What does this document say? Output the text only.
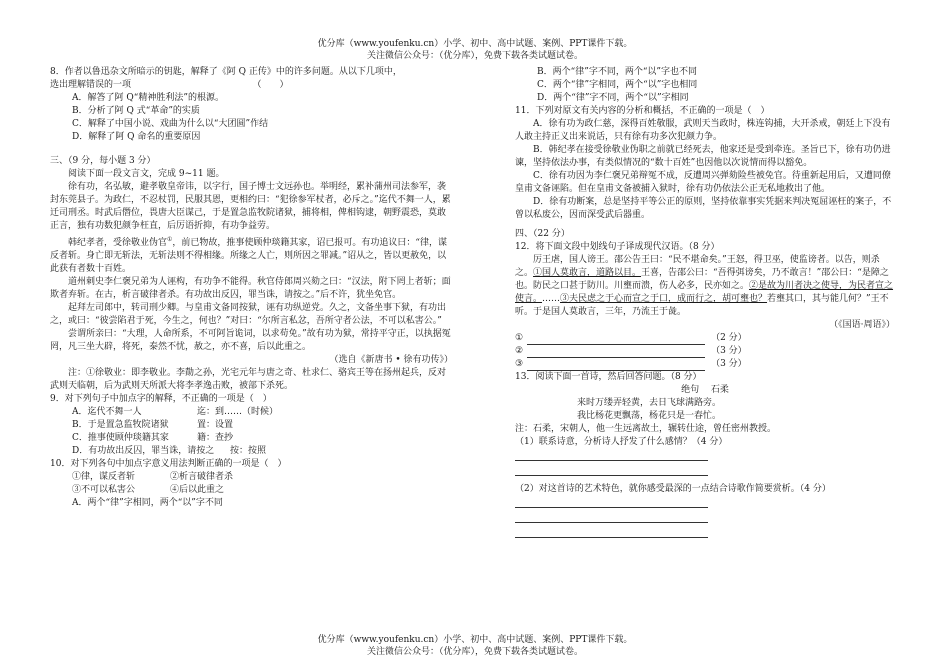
优分库（www.youfenku.cn）小学、初中、高中试题、案例、PPT课件下载。
关注微信公众号：（优分库），免费下载各类试题试卷。

8．作者以鲁迅杂文所暗示的钥匙，解释了《阿 Q 正传》中的许多问题。从以下几项中，

选出理解错误的一项　　　　　　　　　　　　　　（　　）

A．解答了阿 Q“精神胜利法”的根源。

B．分析了阿 Q 式“革命”的实质

C．解释了中国小说、戏曲为什么以“大团圆”作结

D．解释了阿 Q 命名的重要原因

三、（9 分，每小题 3 分）

阅读下面一段文言文，完成 9~11 题。

徐有功，名弘敏，避孝敬皇帝讳，以字行，国子博士文远孙也。举明经，累补蒲州司法参军，袭封东莞县子。为政仁，不忍杖罚，民服其恩，更相约曰：“犯徐参军杖者，必斥之。”迄代不舞一人，累迁司刑丞。时武后僭位，畏唐大臣谋己，于是置急监牧院诸狱，捕将相，俾相钩逮，朝野震恐，莫敢正言，独有功数犯颜争枉直，后厉语折抑，有功争益劳。

韩纪孝者，受徐敬业伪官①，前已物故，推事使顾仲琰籍其家，诏已报可。有功追议曰：“律，谋反者斩。身亡即无斩法，无斩法则不得相缘。所缘之人亡，则所因之罪减。”诏从之，皆以更赦免，以此获有者数十百姓。

道州刺史李仁褒兄弟为人诬构，有功争不能得。秋官侍郎周兴劾之曰：“汉法，附下罔上者斩；面欺者弃斩。在古，析言破律者杀。有功故出反囚，罪当诛，请按之。”后不许，犹坐免官。

起拜左司郎中，转司刑少卿。与皇甫文备同按狱，诬有功纵逆党。久之，文备坐事下狱，有功出之，或曰：“彼尝陷君于死，今生之，何也？”对曰：“尔所言私忿，吾所守者公法，不可以私害公。”

尝谓所亲曰：“大理，人命所系，不可阿旨诡词，以求苟免。”故有功为狱，常持平守正，以执据冤罔，凡三坐大辟，将死，泰然不忧，赦之，亦不喜，后以此重之。

（选自《新唐书 • 徐有功传》）

注：①徐敬业：即李敬业。李勣之孙，光宅元年与唐之奇、杜求仁、骆宾王等在扬州起兵，反对武则天临朝，后为武则天所派大将李孝逸击败，被部下杀死。

9．对下列句子中加点字的解释，不正确的一项是（　）

A．迄代不舞一人	迄：到……（时候）
B．于是置急监牧院诸狱	置：设置
C．推事使顾仲琰籍其家	籍：查抄
D．有功故出反囚，罪当诛，请按之	按：按照

10．对下列各句中加点字意义用法判断正确的一项是（　）

①律，谋反者斩	②析言破律者杀
③不可以私害公	④后以此重之

A．两个“律”字相同，两个“以”字不同

B．两个“律”字不同，两个“以”字也不同

C．两个“律”字相同，两个“以”字也相同

D．两个“律”字不同，两个“以”字相同

11．下列对原文有关内容的分析和概括，不正确的一项是（　）

A．徐有功为政仁慈，深得百姓敬服，武则天当政时，株连钩捕，大开杀戒，朝廷上下没有人敢主持正义出来说话，只有徐有功多次犯颜力争。

B．韩纪孝在接受徐敬业伪职之前就已经死去，他家还是受到牵连。圣旨已下，徐有功仍进谏，坚持依法办事，有类似情况的“数十百姓”也因他以次说情而得以豁免。

C．徐有功因为李仁褒兄弟辩冤不成，反遭周兴弹劾险些被免官。待重新起用后，又遭同僚皇甫文备诬陷。但在皇甫文备被捕入狱时，徐有功仍依法公正无私地救出了他。

D．徐有功断案，总是坚持平等公正的原则，坚持依靠事实凭据来判决冤屈诬枉的案子，不曾以私废公，因而深受武后器重。

四、（22 分）

12．将下面文段中划线句子译成现代汉语。（8 分）

厉王虐，国人谤王。邵公告王曰：“民不堪命矣。”王怒，得卫巫，使监谤者。以告，则杀之。①国人莫敢言，道路以目。王喜，告邵公曰：“吾得弭谤矣，乃不敢言！”邵公曰：“是障之也。防民之口甚于防川。川壅而溃，伤人必多，民亦如之。②是故为川者决之使导，为民者宣之使言。……③夫民虑之于心而宣之于口，成而行之，胡可壅也？若壅其口，其与能几何？”王不听。于是国人莫敢言，三年，乃流王于彘。

（《国语·周语》）

①	（2 分）
②	（3 分）
③	（3 分）

13．阅读下面一首诗，然后回答问题。（8 分）

绝句　 石柔

来时万缕弄轻黄，去日飞球满路旁。

我比杨花更飘荡，杨花只是一春忙。

注：石柔，宋朝人，他一生远离故土，辗转仕途，曾任密州教授。

（1）联系诗意，分析诗人抒发了什么感情？（4 分）

（2）对这首诗的艺术特色，就你感受最深的一点结合诗歌作简要赏析。（4 分）

优分库（www.youfenku.cn）小学、初中、高中试题、案例、PPT课件下载。
关注微信公众号：（优分库），免费下载各类试题试卷。
